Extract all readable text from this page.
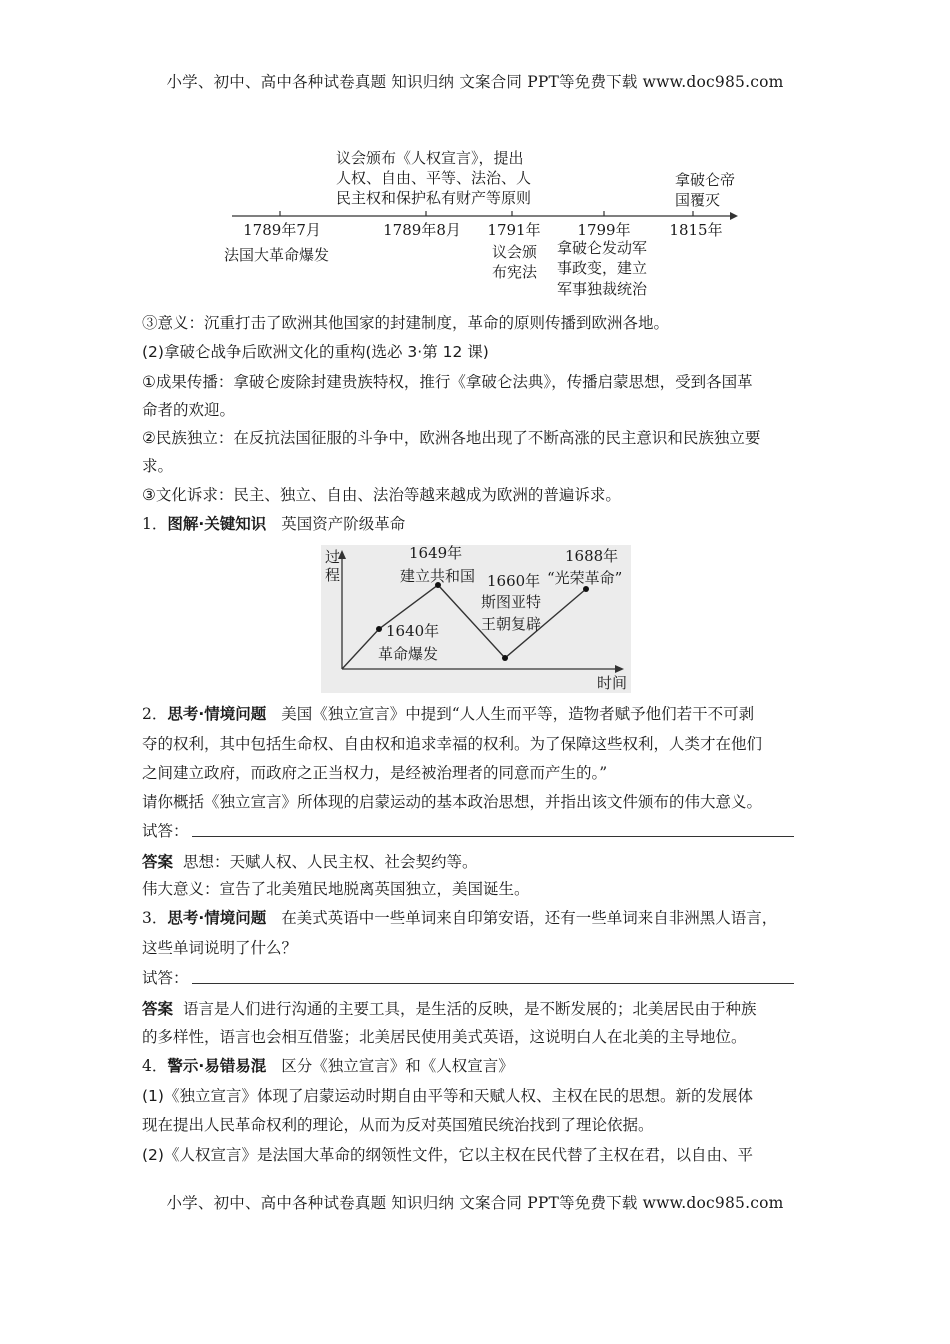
小学、初中、高中各种试卷真题 知识归纳 文案合同 PPT等免费下载 www.doc985.com
议会颁布《人权宣言》，提出
人权、自由、平等、法治、人
民主权和保护私有财产等原则
拿破仑帝
国覆灭
1789年7月	1789年8月 1791年 1799年	1815年
法国大革命爆发	议会颁
布宪法
拿破仑发动军
事政变，建立
军事独裁统治
③意义：沉重打击了欧洲其他国家的封建制度，革命的原则传播到欧洲各地。
(2)拿破仑战争后欧洲文化的重构(选必 3·第 12 课)
①成果传播：拿破仑废除封建贵族特权，推行《拿破仑法典》，传播启蒙思想，受到各国革
命者的欢迎。
②民族独立：在反抗法国征服的斗争中，欧洲各地出现了不断高涨的民主意识和民族独立要
求。
③文化诉求：民主、独立、自由、法治等越来越成为欧洲的普遍诉求。
1．图解·关键知识 英国资产阶级革命
过
程
时间
1649年
建立共和国
1688年
“光荣革命”
1660年
斯图亚特
王朝复辟
1640年
革命爆发
2．思考·情境问题 美国《独立宣言》中提到“人人生而平等，造物者赋予他们若干不可剥
夺的权利，其中包括生命权、自由权和追求幸福的权利。为了保障这些权利，人类才在他们
之间建立政府，而政府之正当权力，是经被治理者的同意而产生的。”
请你概括《独立宣言》所体现的启蒙运动的基本政治思想，并指出该文件颁布的伟大意义。
试答：
答案 思想：天赋人权、人民主权、社会契约等。
伟大意义：宣告了北美殖民地脱离英国独立，美国诞生。
3．思考·情境问题 在美式英语中一些单词来自印第安语，还有一些单词来自非洲黑人语言，
这些单词说明了什么？
试答：
答案 语言是人们进行沟通的主要工具，是生活的反映，是不断发展的；北美居民由于种族
的多样性，语言也会相互借鉴；北美居民使用美式英语，这说明白人在北美的主导地位。
4．警示·易错易混 区分《独立宣言》和《人权宣言》
(1)《独立宣言》体现了启蒙运动时期自由平等和天赋人权、主权在民的思想。新的发展体
现在提出人民革命权利的理论，从而为反对英国殖民统治找到了理论依据。
(2)《人权宣言》是法国大革命的纲领性文件，它以主权在民代替了主权在君，以自由、平
小学、初中、高中各种试卷真题 知识归纳 文案合同 PPT等免费下载 www.doc985.com
